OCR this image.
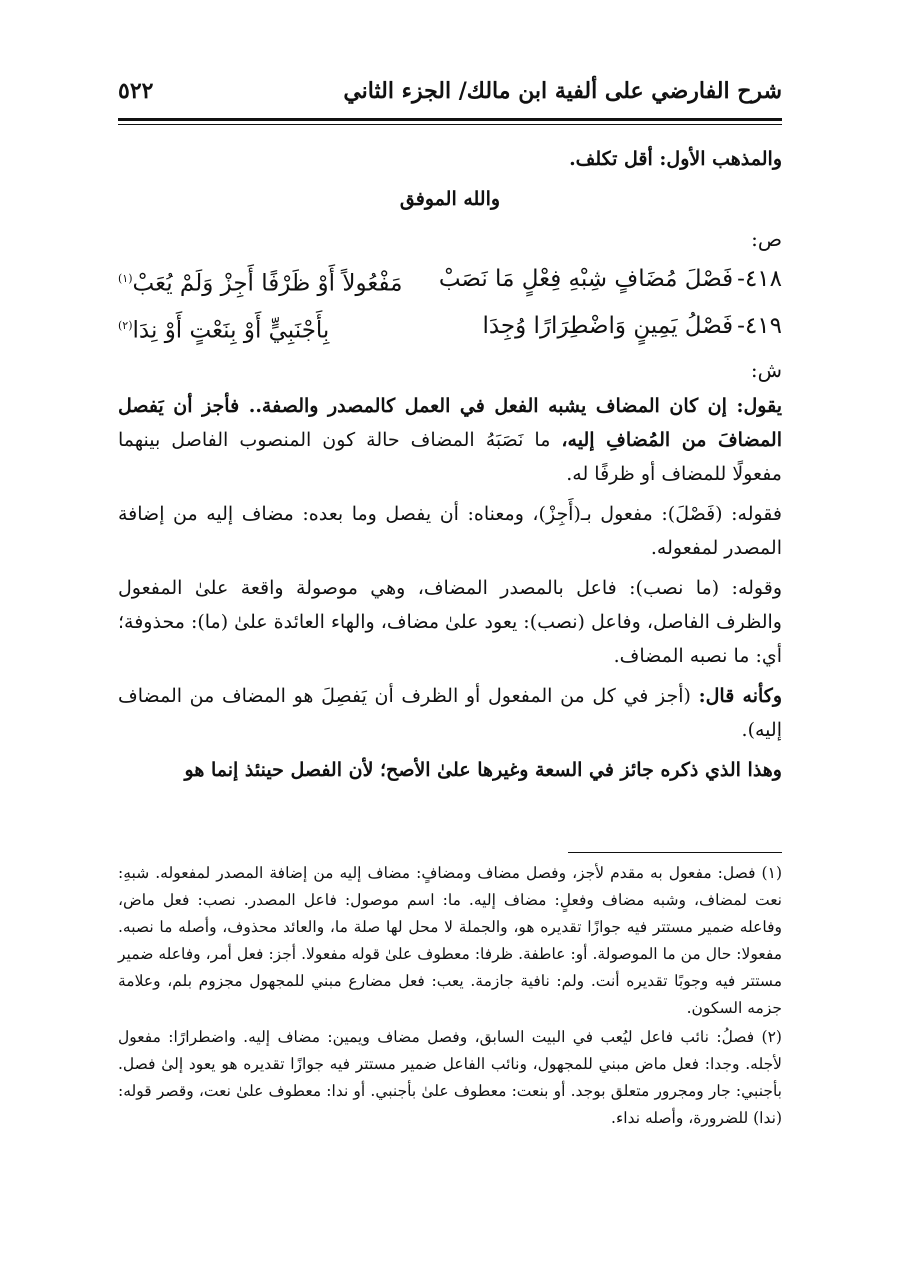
شرح الفارضي على ألفية ابن مالك/ الجزء الثاني
٥٢٢

والمذهب الأول: أقل تكلف.

والله الموفق

ص:

٤١٨-فَصْلَ مُضَافٍ شِبْهِ فِعْلٍ مَا نَصَبْ
مَفْعُولاً أَوْ ظَرْفًا أَجِزْ وَلَمْ يُعَبْ$^{(١)}$
٤١٩-فَصْلُ يَمِينٍ وَاضْطِرَارًا وُجِدَا
بِأَجْنَبِيٍّ أَوْ بِنَعْتٍ أَوْ نِدَا$^{(٢)}$

ش:

يقول: إن كان المضاف يشبه الفعل في العمل كالمصدر والصفة.. فأجز أن يَفصل المضافَ من المُضافِ إليه، ما نَصَبَهُ المضاف حالة كون المنصوب الفاصل بينهما مفعولًا للمضاف أو ظرفًا له.

فقوله: (فَصْلَ): مفعول بـ(أَجِزْ)، ومعناه: أن يفصل وما بعده: مضاف إليه من إضافة المصدر لمفعوله.

وقوله: (ما نصب): فاعل بالمصدر المضاف، وهي موصولة واقعة علىٰ المفعول والظرف الفاصل، وفاعل (نصب): يعود علىٰ مضاف، والهاء العائدة علىٰ (ما): محذوفة؛ أي: ما نصبه المضاف.

وكأنه قال: (أجز في كل من المفعول أو الظرف أن يَفصِلَ هو المضاف من المضاف إليه).

وهذا الذي ذكره جائز في السعة وغيرها علىٰ الأصح؛ لأن الفصل حينئذ إنما هو

(١) فصل: مفعول به مقدم لأجز، وفصل مضاف ومضافٍ: مضاف إليه من إضافة المصدر لمفعوله. شبهِ: نعت لمضاف، وشبه مضاف وفعلٍ: مضاف إليه. ما: اسم موصول: فاعل المصدر. نصب: فعل ماض، وفاعله ضمير مستتر فيه جوازًا تقديره هو، والجملة لا محل لها صلة ما، والعائد محذوف، وأصله ما نصبه. مفعولا: حال من ما الموصولة. أو: عاطفة. ظرفا: معطوف علىٰ قوله مفعولا. أجز: فعل أمر، وفاعله ضمير مستتر فيه وجوبًا تقديره أنت. ولم: نافية جازمة. يعب: فعل مضارع مبني للمجهول مجزوم بلم، وعلامة جزمه السكون.

(٢) فصلُ: نائب فاعل ليُعب في البيت السابق، وفصل مضاف ويمين: مضاف إليه. واضطرارًا: مفعول لأجله. وجدا: فعل ماض مبني للمجهول، ونائب الفاعل ضمير مستتر فيه جوازًا تقديره هو يعود إلىٰ فصل. بأجنبي: جار ومجرور متعلق بوجد. أو بنعت: معطوف علىٰ بأجنبي. أو ندا: معطوف علىٰ نعت، وقصر قوله: (ندا) للضرورة، وأصله نداء.
